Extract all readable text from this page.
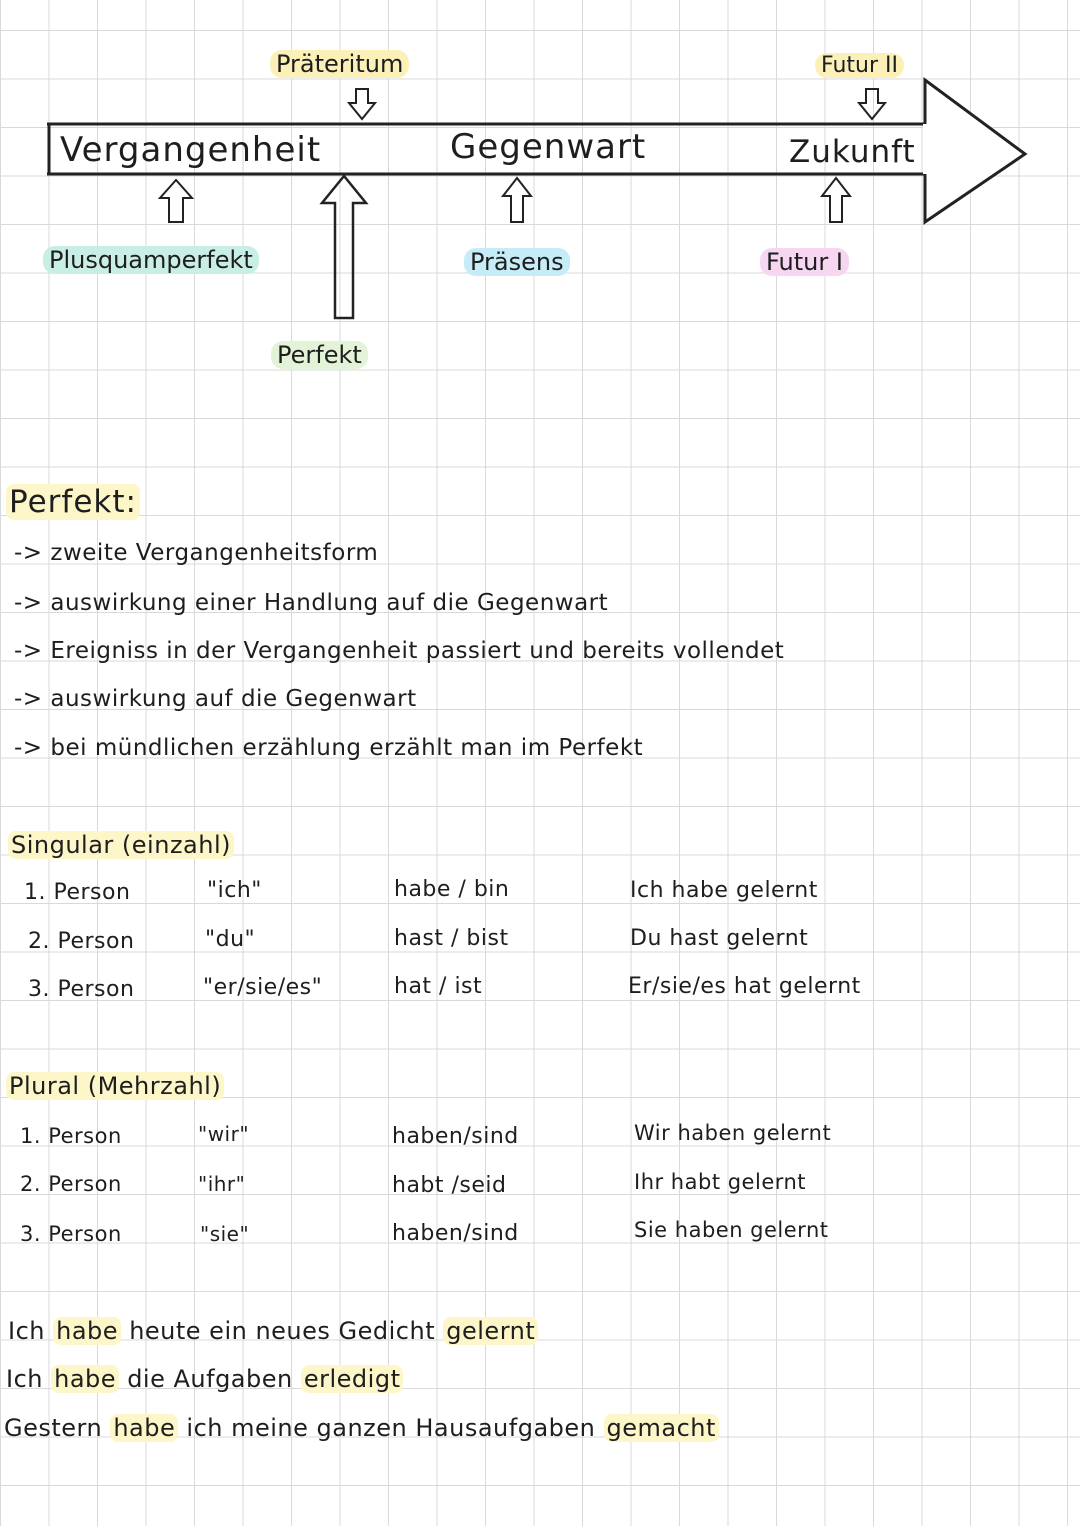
Vergangenheit	Gegenwart	Zukunft
Präteritum	Futur II
Plusquamperfekt	Präsens	Futur I
Perfekt
Perfekt:
-> zweite Vergangenheitsform
-> auswirkung einer Handlung auf die Gegenwart
-> Ereigniss in der Vergangenheit passiert und bereits vollendet
-> auswirkung auf die Gegenwart
-> bei mündlichen erzählung erzählt man im Perfekt
Singular (einzahl)
1. Person	"ich"	habe / bin	Ich habe gelernt
2. Person	"du"	hast / bist	Du hast gelernt
3. Person	"er/sie/es"	hat / ist	Er/sie/es hat gelernt
Plural (Mehrzahl)
1. Person	"wir"	haben/sind	Wir haben gelernt
2. Person	"ihr"	habt /seid	Ihr habt gelernt
3. Person	"sie"	haben/sind	Sie haben gelernt
Ich habe heute ein neues Gedicht gelernt
Ich habe die Aufgaben erledigt
Gestern habe ich meine ganzen Hausaufgaben gemacht
